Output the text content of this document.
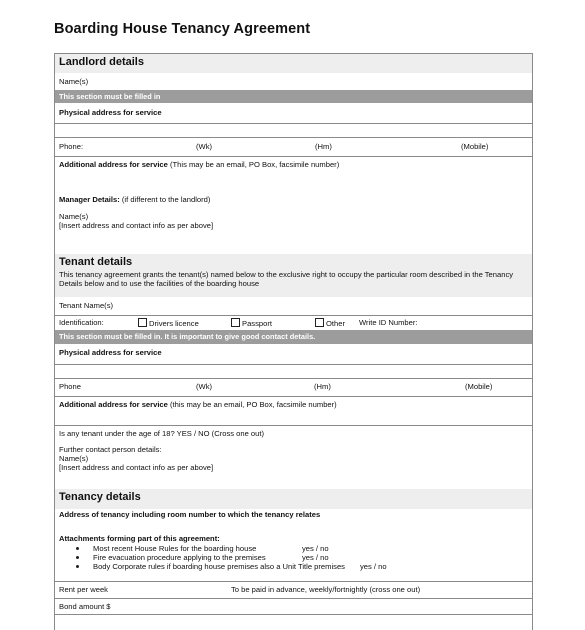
Boarding House Tenancy Agreement
Landlord details
Name(s)
This section must be filled in
Physical address for service
Phone:	(Wk)	(Hm)	(Mobile)
Additional address for service (This may be an email, PO Box, facsimile number)
Manager Details: (if different to the landlord)
Name(s)
[Insert address and contact info as per above]
Tenant details
This tenancy agreement grants the tenant(s) named below to the exclusive right to occupy the particular room described in the Tenancy
Details below and to use the facilities of the boarding house
Tenant Name(s)
Identification:	Drivers licence	Passport	Other Write ID Number:
This section must be filled in. It is important to give good contact details.
Physical address for service
Phone	(Wk)	(Hm)	(Mobile)
Additional address for service (this may be an email, PO Box, facsimile number)
Is any tenant under the age of 18? YES / NO (Cross one out)
Further contact person details:
Name(s)
[Insert address and contact info as per above]
Tenancy details
Address of tenancy including room number to which the tenancy relates
Attachments forming part of this agreement:
Most recent House Rules for the boarding house	yes / no
Fire evacuation procedure applying to the premises	yes / no
Body Corporate rules if boarding house premises also a Unit Title premises yes / no
Rent per week	To be paid in advance, weekly/fortnightly (cross one out)
Bond amount $
